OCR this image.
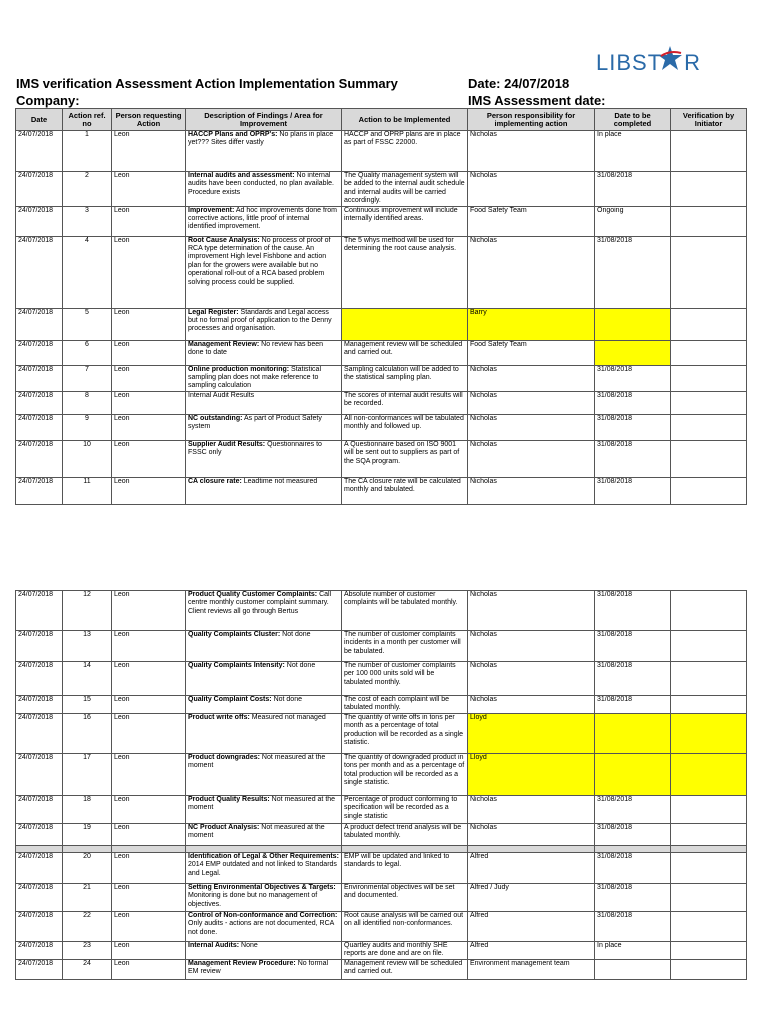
LIBST R
IMS verification Assessment Action Implementation Summary	Date: 24/07/2018
Company:	IMS Assessment date:
Date	Action ref. no	Person requesting Action	Description of Findings / Area for Improvement	Action to be Implemented	Person responsibility for implementing action	Date to be completed	Verification by Initiator
24/07/2018	1	Leon	HACCP Plans and OPRP's: No plans in place yet??? Sites differ vastly	HACCP and OPRP plans are in place as part of FSSC 22000.	Nicholas	In place	
24/07/2018	2	Leon	Internal audits and assessment: No internal audits have been conducted, no plan available. Procedure exists	The Quality management system will be added to the internal audit schedule and internal audits will be carried accordingly.	Nicholas	31/08/2018	
24/07/2018	3	Leon	Improvement: Ad hoc improvements done from corrective actions, little proof of internal identified improvement.	Continuous improvement will include internally identified areas.	Food Safety Team	Ongoing	
24/07/2018	4	Leon	Root Cause Analysis: No process of proof of RCA type determination of the cause. An improvement High level Fishbone and action plan for the growers were available but no operational roll-out of a RCA based problem solving process could be supplied.	The 5 whys method will be used for determining the root cause analysis.	Nicholas	31/08/2018	
24/07/2018	5	Leon	Legal Register: Standards and Legal access but no formal proof of application to the Denny processes and organisation.		Barry		
24/07/2018	6	Leon	Management Review: No review has been done to date	Management review will be scheduled and carried out.	Food Safety Team		
24/07/2018	7	Leon	Online production monitoring: Statistical sampling plan does not make reference to sampling calculation	Sampling calculation will be added to the statistical sampling plan.	Nicholas	31/08/2018	
24/07/2018	8	Leon	Internal Audit Results	The scores of internal audit results will be recorded.	Nicholas	31/08/2018	
24/07/2018	9	Leon	NC outstanding: As part of Product Safety system	All non-conformances will be tabulated monthly and followed up.	Nicholas	31/08/2018	
24/07/2018	10	Leon	Supplier Audit Results: Questionnaires to FSSC only	A Questionnaire based on ISO 9001 will be sent out to suppliers as part of the SQA program.	Nicholas	31/08/2018	
24/07/2018	11	Leon	CA closure rate: Leadtime not measured	The CA closure rate will be calculated monthly and tabulated.	Nicholas	31/08/2018	
24/07/2018	12	Leon	Product Quality Customer Complaints: Call centre monthly customer complaint summary. Client reviews all go through Bertus	Absolute number of customer complaints will be tabulated monthly.	Nicholas	31/08/2018	
24/07/2018	13	Leon	Quality Complaints Cluster: Not done	The number of customer complaints incidents in a month per customer will be tabulated.	Nicholas	31/08/2018	
24/07/2018	14	Leon	Quality Complaints Intensity: Not done	The number of customer complaints per 100 000 units sold will be tabulated monthly.	Nicholas	31/08/2018	
24/07/2018	15	Leon	Quality Complaint Costs: Not done	The cost of each complaint will be tabulated monthly.	Nicholas	31/08/2018	
24/07/2018	16	Leon	Product write offs: Measured not managed	The quantity of write offs in tons per month as a percentage of total production will be recorded as a single statistic.	Lloyd		
24/07/2018	17	Leon	Product downgrades: Not measured at the moment	The quantity of downgraded product in tons per month and as a percentage of total production will be recorded as a single statistic.	Lloyd		
24/07/2018	18	Leon	Product Quality Results: Not measured at the moment	Percentage of product conforming to specification will be recorded as a single statistic	Nicholas	31/08/2018	
24/07/2018	19	Leon	NC Product Analysis: Not measured at the moment	A product defect trend analysis will be tabulated monthly.	Nicholas	31/08/2018	

24/07/2018	20	Leon	Identification of Legal & Other Requirements: 2014 EMP outdated and not linked to Standards and Legal.	EMP will be updated and linked to standards to legal.	Alfred	31/08/2018	
24/07/2018	21	Leon	Setting Environmental Objectives & Targets: Monitoring is done but no management of objectives.	Environmental objectives will be set and documented.	Alfred / Judy	31/08/2018	
24/07/2018	22	Leon	Control of Non-conformance and Correction: Only audits - actions are not documented, RCA not done.	Root cause analysis will be carried out on all identified non-conformances.	Alfred	31/08/2018	
24/07/2018	23	Leon	Internal Audits: None	Quartley audits and monthly SHE reports are done and are on file.	Alfred	In place	
24/07/2018	24	Leon	Management Review Procedure: No formal EM review	Management review will be scheduled and carried out.	Environment management team		
